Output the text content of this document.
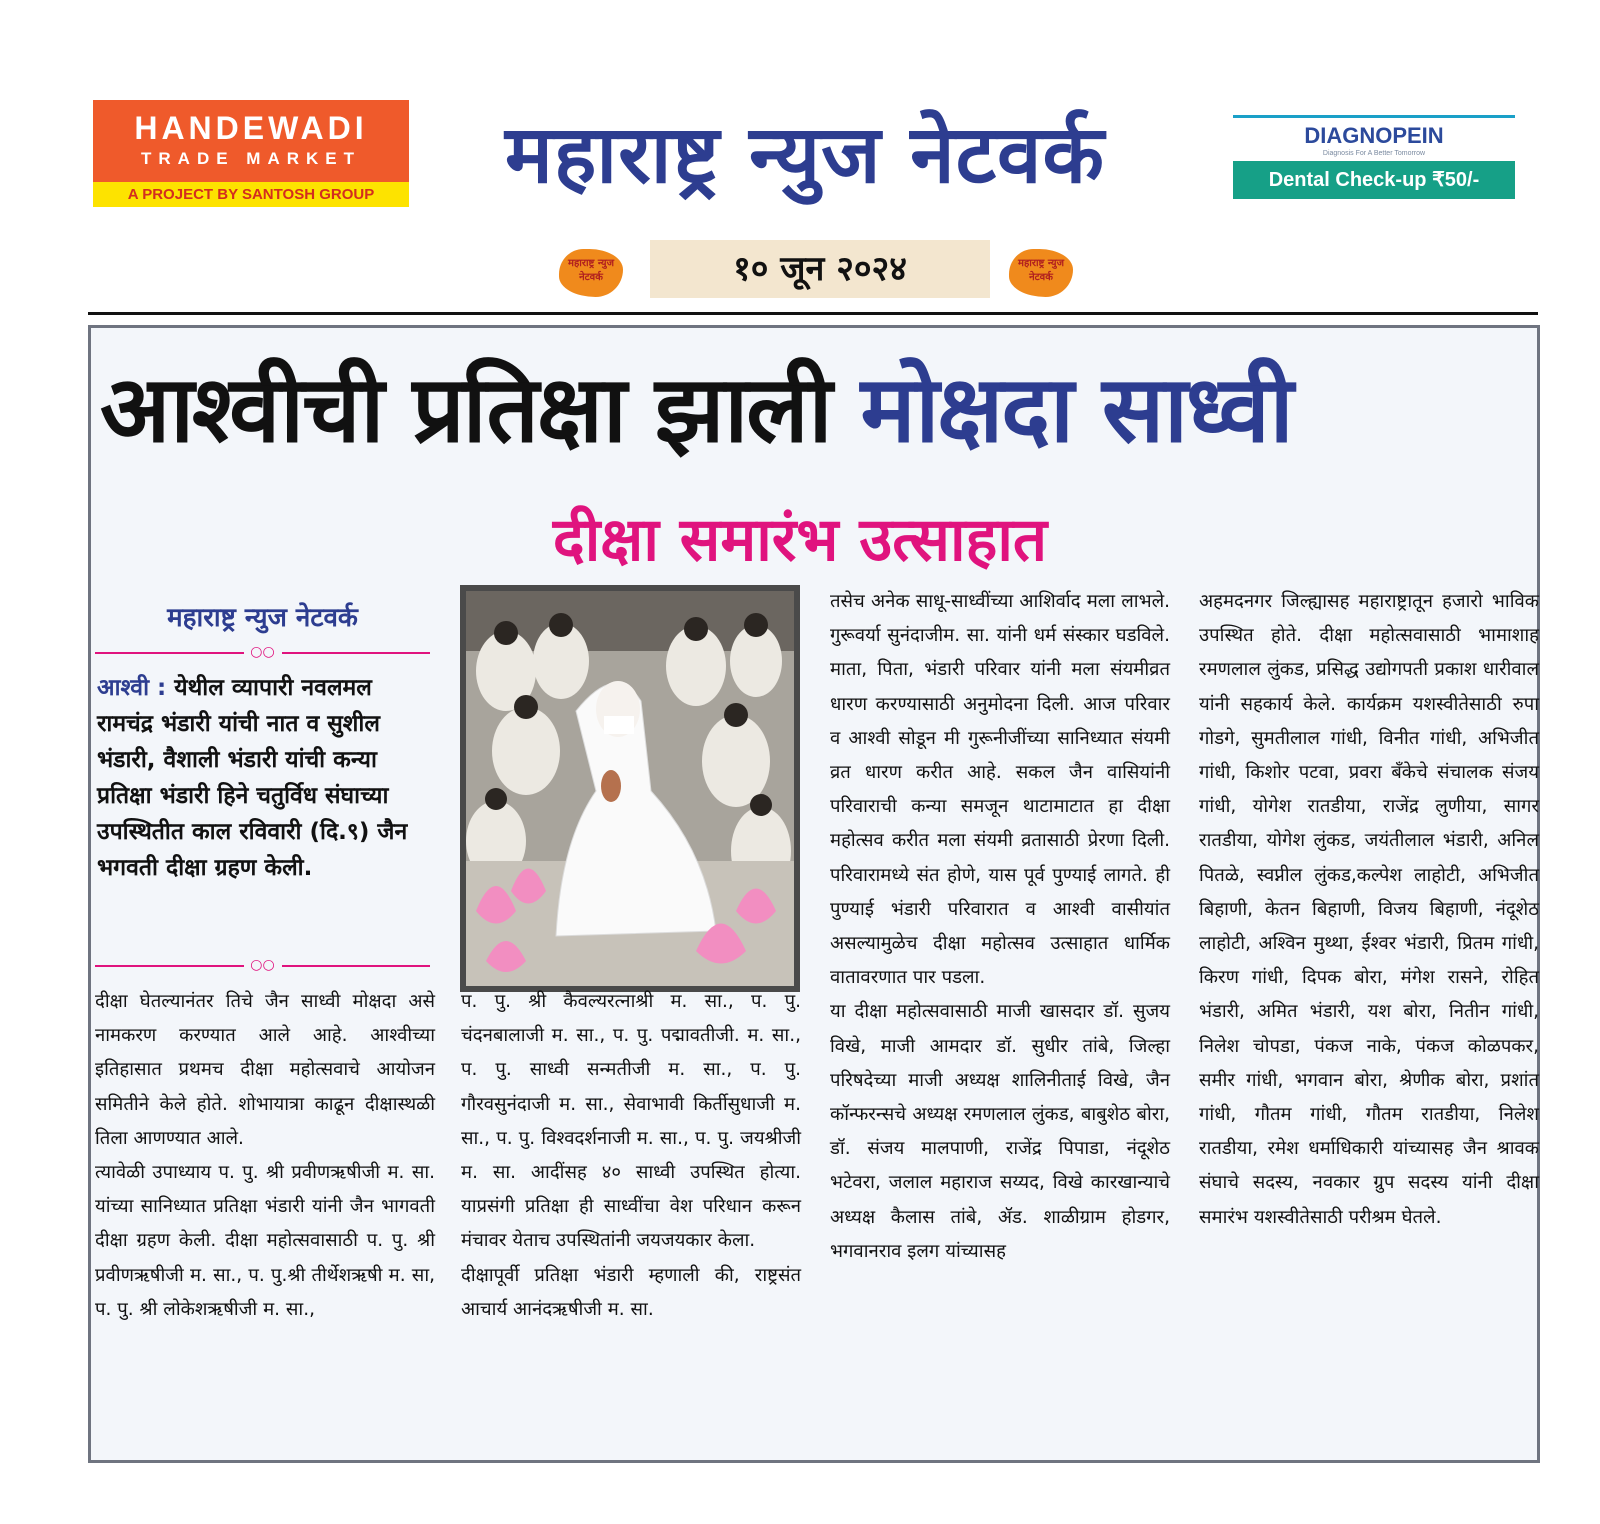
HANDEWADI
TRADE MARKET
A PROJECT BY SANTOSH GROUP	महाराष्ट्र न्युज नेटवर्क	DIAGNOPEIN
Diagnosis For A Better Tomorrow
Dental Check-up ₹50/-
महाराष्ट्र न्युज नेटवर्क	१० जून २०२४	महाराष्ट्र न्युज नेटवर्क
आश्वीची प्रतिक्षा झाली मोक्षदा साध्वी
दीक्षा समारंभ उत्साहात
महाराष्ट्र न्युज नेटवर्क
○○
आश्वी : येथील व्यापारी नवलमल रामचंद्र भंडारी यांची नात व सुशील भंडारी, वैशाली भंडारी यांची कन्या प्रतिक्षा भंडारी हिने चतुर्विध संघाच्या उपस्थितीत काल रविवारी (दि.९) जैन भगवती दीक्षा ग्रहण केली.
○○

दीक्षा घेतल्यानंतर तिचे जैन साध्वी मोक्षदा असे नामकरण करण्यात आले आहे. आश्वीच्या इतिहासात प्रथमच दीक्षा महोत्सवाचे आयोजन समितीने केले होते. शोभायात्रा काढून दीक्षास्थळी तिला आणण्यात आले.

त्यावेळी उपाध्याय प. पु. श्री प्रवीणऋषीजी म. सा. यांच्या सानिध्यात प्रतिक्षा भंडारी यांनी जैन भागवती दीक्षा ग्रहण केली. दीक्षा महोत्सवासाठी प. पु. श्री प्रवीणऋषीजी म. सा., प. पु.श्री तीर्थेशऋषी म. सा, प. पु. श्री लोकेशऋषीजी म. सा.,

प. पु. श्री कैवल्यरत्नाश्री म. सा., प. पु. चंदनबालाजी म. सा., प. पु. पद्मावतीजी. म. सा., प. पु. साध्वी सन्मतीजी म. सा., प. पु. गौरवसुनंदाजी म. सा., सेवाभावी किर्तीसुधाजी म. सा., प. पु. विश्वदर्शनाजी म. सा., प. पु. जयश्रीजी म. सा. आदींसह ४० साध्वी उपस्थित होत्या. याप्रसंगी प्रतिक्षा ही साध्वींचा वेश परिधान करून मंचावर येताच उपस्थितांनी जयजयकार केला.

दीक्षापूर्वी प्रतिक्षा भंडारी म्हणाली की, राष्ट्रसंत आचार्य आनंदऋषीजी म. सा.

तसेच अनेक साधू-साध्वींच्या आशिर्वाद मला लाभले. गुरूवर्या सुनंदाजीम. सा. यांनी धर्म संस्कार घडविले. माता, पिता, भंडारी परिवार यांनी मला संयमीव्रत धारण करण्यासाठी अनुमोदना दिली. आज परिवार व आश्वी सोडून मी गुरूनीजींच्या सानिध्यात संयमी व्रत धारण करीत आहे. सकल जैन वासियांनी परिवाराची कन्या समजून थाटामाटात हा दीक्षा महोत्सव करीत मला संयमी व्रतासाठी प्रेरणा दिली. परिवारामध्ये संत होणे, यास पूर्व पुण्याई लागते. ही पुण्याई भंडारी परिवारात व आश्वी वासीयांत असल्यामुळेच दीक्षा महोत्सव उत्साहात धार्मिक वातावरणात पार पडला.

या दीक्षा महोत्सवासाठी माजी खासदार डॉ. सुजय विखे, माजी आमदार डॉ. सुधीर तांबे, जिल्हा परिषदेच्या माजी अध्यक्ष शालिनीताई विखे, जैन कॉन्फरन्सचे अध्यक्ष रमणलाल लुंकड, बाबुशेठ बोरा, डॉ. संजय मालपाणी, राजेंद्र पिपाडा, नंदूशेठ भटेवरा, जलाल महाराज सय्यद, विखे कारखान्याचे अध्यक्ष कैलास तांबे, ॲड. शाळीग्राम होडगर, भगवानराव इलग यांच्यासह

अहमदनगर जिल्ह्यासह महाराष्ट्रातून हजारो भाविक उपस्थित होते. दीक्षा महोत्सवासाठी भामाशाह रमणलाल लुंकड, प्रसिद्ध उद्योगपती प्रकाश धारीवाल यांनी सहकार्य केले. कार्यक्रम यशस्वीतेसाठी रुपा गोडगे, सुमतीलाल गांधी, विनीत गांधी, अभिजीत गांधी, किशोर पटवा, प्रवरा बँकेचे संचालक संजय गांधी, योगेश रातडीया, राजेंद्र लुणीया, सागर रातडीया, योगेश लुंकड, जयंतीलाल भंडारी, अनिल पितळे, स्वप्नील लुंकड,कल्पेश लाहोटी, अभिजीत बिहाणी, केतन बिहाणी, विजय बिहाणी, नंदूशेठ लाहोटी, अश्विन मुथ्था, ईश्वर भंडारी, प्रितम गांधी, किरण गांधी, दिपक बोरा, मंगेश रासने, रोहित भंडारी, अमित भंडारी, यश बोरा, नितीन गांधी, निलेश चोपडा, पंकज नाके, पंकज कोळपकर, समीर गांधी, भगवान बोरा, श्रेणीक बोरा, प्रशांत गांधी, गौतम गांधी, गौतम रातडीया, निलेश रातडीया, रमेश धर्माधिकारी यांच्यासह जैन श्रावक संघाचे सदस्य, नवकार ग्रुप सदस्य यांनी दीक्षा समारंभ यशस्वीतेसाठी परीश्रम घेतले.
